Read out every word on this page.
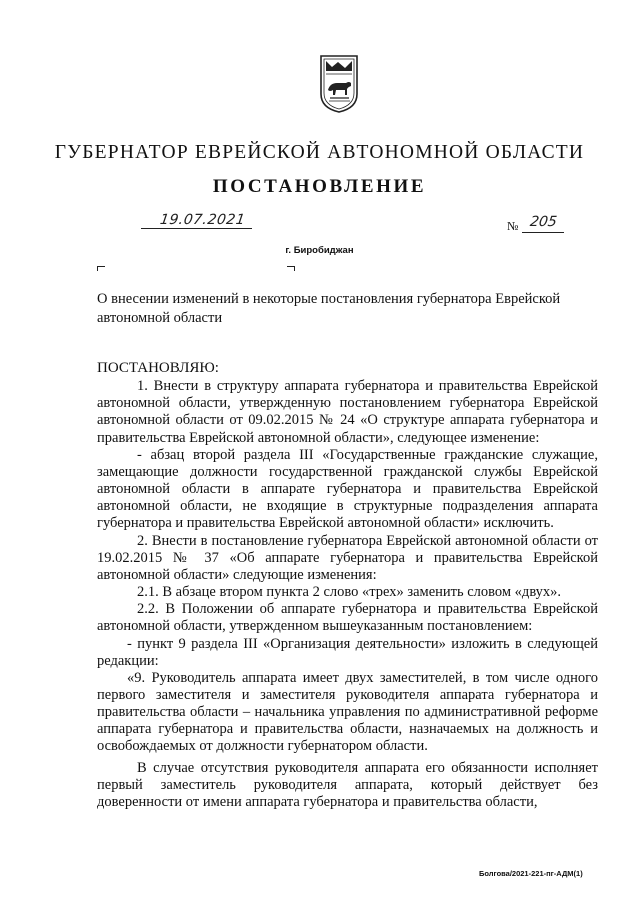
ГУБЕРНАТОР ЕВРЕЙСКОЙ АВТОНОМНОЙ ОБЛАСТИ
ПОСТАНОВЛЕНИЕ
19.07.2021	№ 205
г. Биробиджан
О внесении изменений в некоторые постановления губернатора Еврейской автономной области

ПОСТАНОВЛЯЮ:

1. Внести в структуру аппарата губернатора и правительства Еврейской автономной области, утвержденную постановлением губернатора Еврейской автономной области от 09.02.2015 № 24 «О структуре аппарата губернатора и правительства Еврейской автономной области», следующее изменение:

- абзац второй раздела III «Государственные гражданские служащие, замещающие должности государственной гражданской службы Еврейской автономной области в аппарате губернатора и правительства Еврейской автономной области, не входящие в структурные подразделения аппарата губернатора и правительства Еврейской автономной области» исключить.

2. Внести в постановление губернатора Еврейской автономной области от 19.02.2015 № 37 «Об аппарате губернатора и правительства Еврейской автономной области» следующие изменения:

2.1. В абзаце втором пункта 2 слово «трех» заменить словом «двух».

2.2. В Положении об аппарате губернатора и правительства Еврейской автономной области, утвержденном вышеуказанным постановлением:

- пункт 9 раздела III «Организация деятельности» изложить в следующей редакции:

«9. Руководитель аппарата имеет двух заместителей, в том числе одного первого заместителя и заместителя руководителя аппарата губернатора и правительства области – начальника управления по административной реформе аппарата губернатора и правительства области, назначаемых на должность и освобождаемых от должности губернатором области.

В случае отсутствия руководителя аппарата его обязанности исполняет первый заместитель руководителя аппарата, который действует без доверенности от имени аппарата губернатора и правительства области,

Болгова/2021-221-пг-АДМ(1)
